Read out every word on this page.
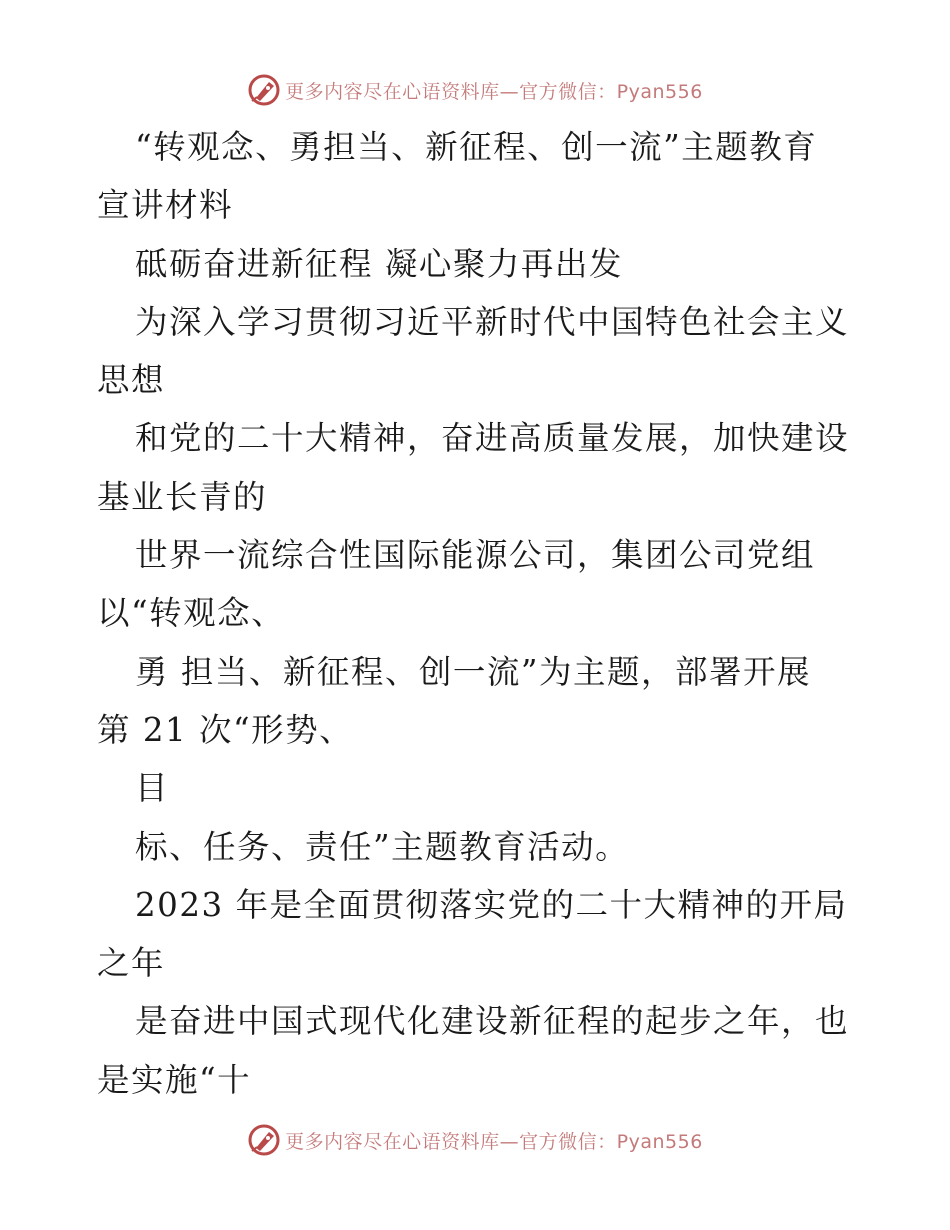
更多内容尽在心语资料库—官方微信：Pyan556
“转观念、勇担当、新征程、创一流”主题教育
宣讲材料
砥砺奋进新征程 凝心聚力再出发
为深入学习贯彻习近平新时代中国特色社会主义
思想
和党的二十大精神，奋进高质量发展，加快建设
基业长青的
世界一流综合性国际能源公司，集团公司党组
以“转观念、
勇 担当、新征程、创一流”为主题，部署开展
第 21 次“形势、
目
标、任务、责任”主题教育活动。
2023 年是全面贯彻落实党的二十大精神的开局
之年
是奋进中国式现代化建设新征程的起步之年，也
是实施“十
更多内容尽在心语资料库—官方微信：Pyan556
